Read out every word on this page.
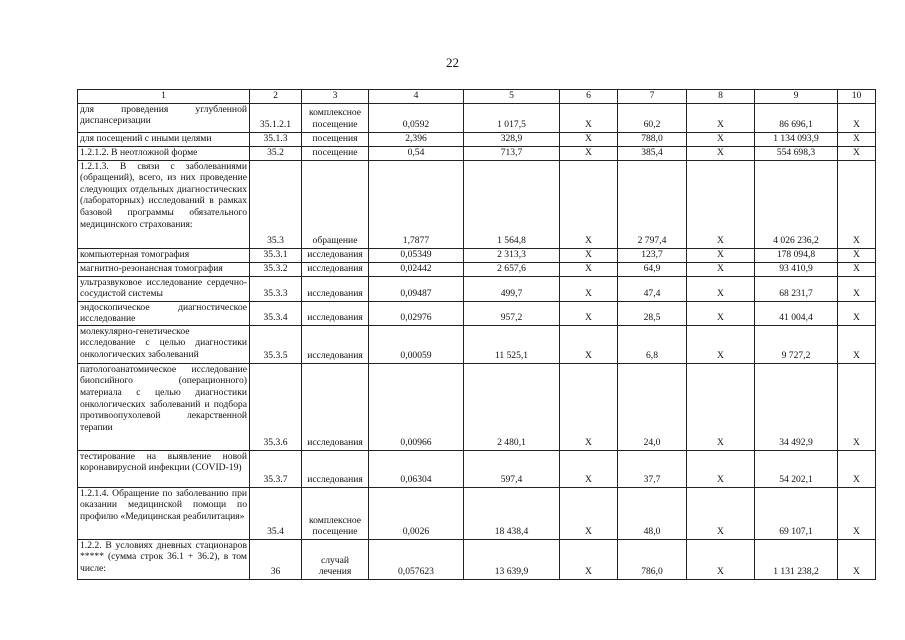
22
1	2	3	4	5	6	7	8	9	10
для проведения углубленной диспансеризации	35.1.2.1	комплексное посещение	0,0592	1 017,5	X	60,2	X	86 696,1	X
для посещений с иными целями	35.1.3	посещения	2,396	328,9	X	788,0	X	1 134 093,9	X
1.2.1.2. В неотложной форме	35.2	посещение	0,54	713,7	X	385,4	X	554 698,3	X
1.2.1.3. В связи с заболеваниями (обращений), всего, из них проведение следующих отдельных диагностических (лабораторных) исследований в рамках базовой программы обязательного медицинского страхования:	35.3	обращение	1,7877	1 564,8	X	2 797,4	X	4 026 236,2	X
компьютерная томография	35.3.1	исследования	0,05349	2 313,3	X	123,7	X	178 094,8	X
магнитно-резонансная томография	35.3.2	исследования	0,02442	2 657,6	X	64,9	X	93 410,9	X
ультразвуковое исследование сердечно-сосудистой системы	35.3.3	исследования	0,09487	499,7	X	47,4	X	68 231,7	X
эндоскопическое диагностическое исследование	35.3.4	исследования	0,02976	957,2	X	28,5	X	41 004,4	X
молекулярно-генетическое исследование с целью диагностики онкологических заболеваний	35.3.5	исследования	0,00059	11 525,1	X	6,8	X	9 727,2	X
патологоанатомическое исследование биопсийного (операционного) материала с целью диагностики онкологических заболеваний и подбора противоопухолевой лекарственной терапии	35.3.6	исследования	0,00966	2 480,1	X	24,0	X	34 492,9	X
тестирование на выявление новой коронавирусной инфекции (COVID-19)	35.3.7	исследования	0,06304	597,4	X	37,7	X	54 202,1	X
1.2.1.4. Обращение по заболеванию при оказании медицинской помощи по профилю «Медицинская реабилитация»	35.4	комплексное посещение	0,0026	18 438,4	X	48,0	X	69 107,1	X
1.2.2. В условиях дневных стационаров ***** (сумма строк 36.1 + 36.2), в том числе:	36	случай лечения	0,057623	13 639,9	X	786,0	X	1 131 238,2	X
